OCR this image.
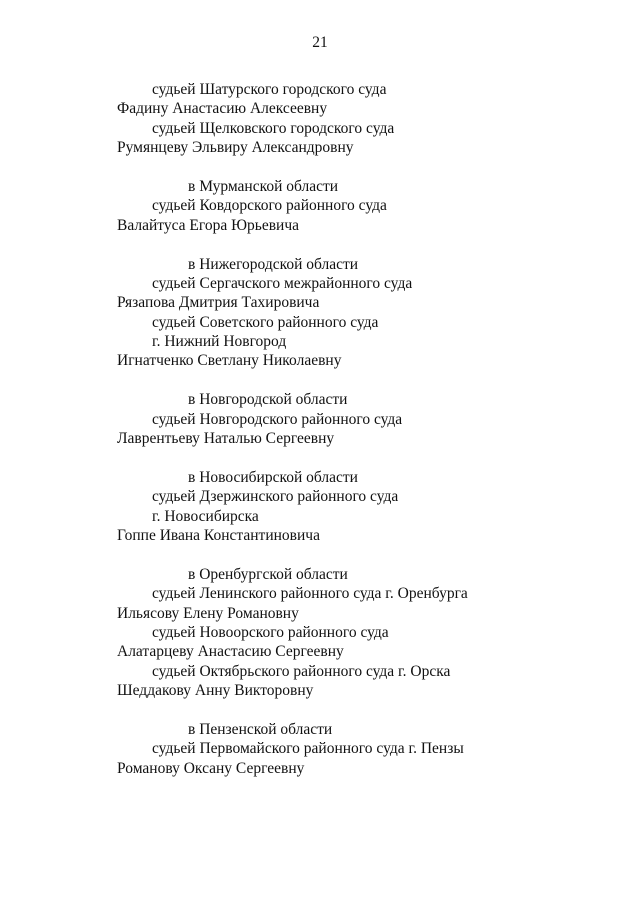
21
судьей Шатурского городского суда
Фадину Анастасию Алексеевну
судьей Щелковского городского суда
Румянцеву Эльвиру Александровну
в Мурманской области
судьей Ковдорского районного суда
Валайтуса Егора Юрьевича
в Нижегородской области
судьей Сергачского межрайонного суда
Рязапова Дмитрия Тахировича
судьей Советского районного суда
г. Нижний Новгород
Игнатченко Светлану Николаевну
в Новгородской области
судьей Новгородского районного суда
Лаврентьеву Наталью Сергеевну
в Новосибирской области
судьей Дзержинского районного суда
г. Новосибирска
Гоппе Ивана Константиновича
в Оренбургской области
судьей Ленинского районного суда г. Оренбурга
Ильясову Елену Романовну
судьей Новоорского районного суда
Алатарцеву Анастасию Сергеевну
судьей Октябрьского районного суда г. Орска
Шеддакову Анну Викторовну
в Пензенской области
судьей Первомайского районного суда г. Пензы
Романову Оксану Сергеевну
